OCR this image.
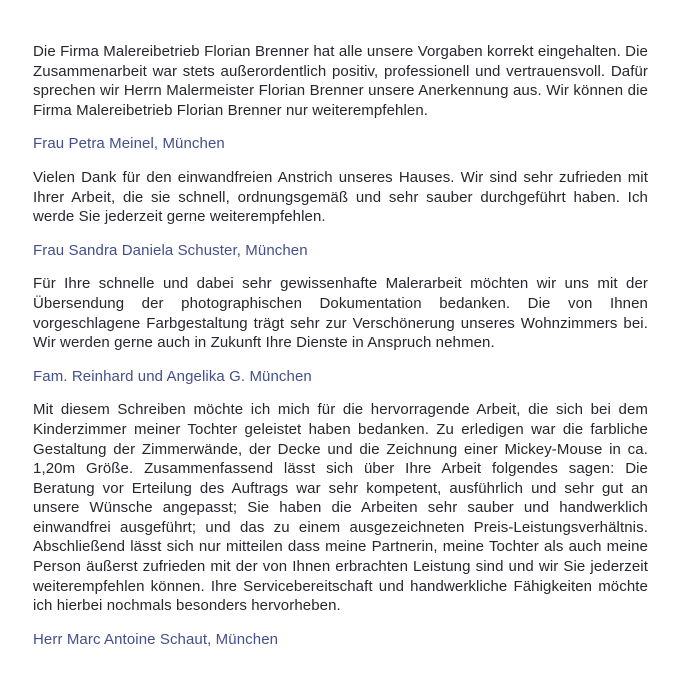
Die Firma Malereibetrieb Florian Brenner hat alle unsere Vorgaben korrekt eingehalten. Die Zusammenarbeit war stets außerordentlich positiv, professionell und vertrauensvoll. Dafür sprechen wir Herrn Malermeister Florian Brenner unsere Anerkennung aus. Wir können die Firma Malereibetrieb Florian Brenner nur weiterempfehlen.

Frau Petra Meinel, München

Vielen Dank für den einwandfreien Anstrich unseres Hauses. Wir sind sehr zufrieden mit Ihrer Arbeit, die sie schnell, ordnungsgemäß und sehr sauber durchgeführt haben. Ich werde Sie jederzeit gerne weiterempfehlen.

Frau Sandra Daniela Schuster, München

Für Ihre schnelle und dabei sehr gewissenhafte Malerarbeit möchten wir uns mit der Übersendung der photographischen Dokumentation bedanken. Die von Ihnen vorgeschlagene Farbgestaltung trägt sehr zur Verschönerung unseres Wohnzimmers bei. Wir werden gerne auch in Zukunft Ihre Dienste in Anspruch nehmen.

Fam. Reinhard und Angelika G. München

Mit diesem Schreiben möchte ich mich für die hervorragende Arbeit, die sich bei dem Kinderzimmer meiner Tochter geleistet haben bedanken. Zu erledigen war die farbliche Gestaltung der Zimmerwände, der Decke und die Zeichnung einer Mickey-Mouse in ca. 1,20m Größe. Zusammenfassend lässt sich über Ihre Arbeit folgendes sagen: Die Beratung vor Erteilung des Auftrags war sehr kompetent, ausführlich und sehr gut an unsere Wünsche angepasst; Sie haben die Arbeiten sehr sauber und handwerklich einwandfrei ausgeführt; und das zu einem ausgezeichneten Preis-Leistungsverhältnis. Abschließend lässt sich nur mitteilen dass meine Partnerin, meine Tochter als auch meine Person äußerst zufrieden mit der von Ihnen erbrachten Leistung sind und wir Sie jederzeit weiterempfehlen können. Ihre Servicebereitschaft und handwerkliche Fähigkeiten möchte ich hierbei nochmals besonders hervorheben.

Herr Marc Antoine Schaut, München
